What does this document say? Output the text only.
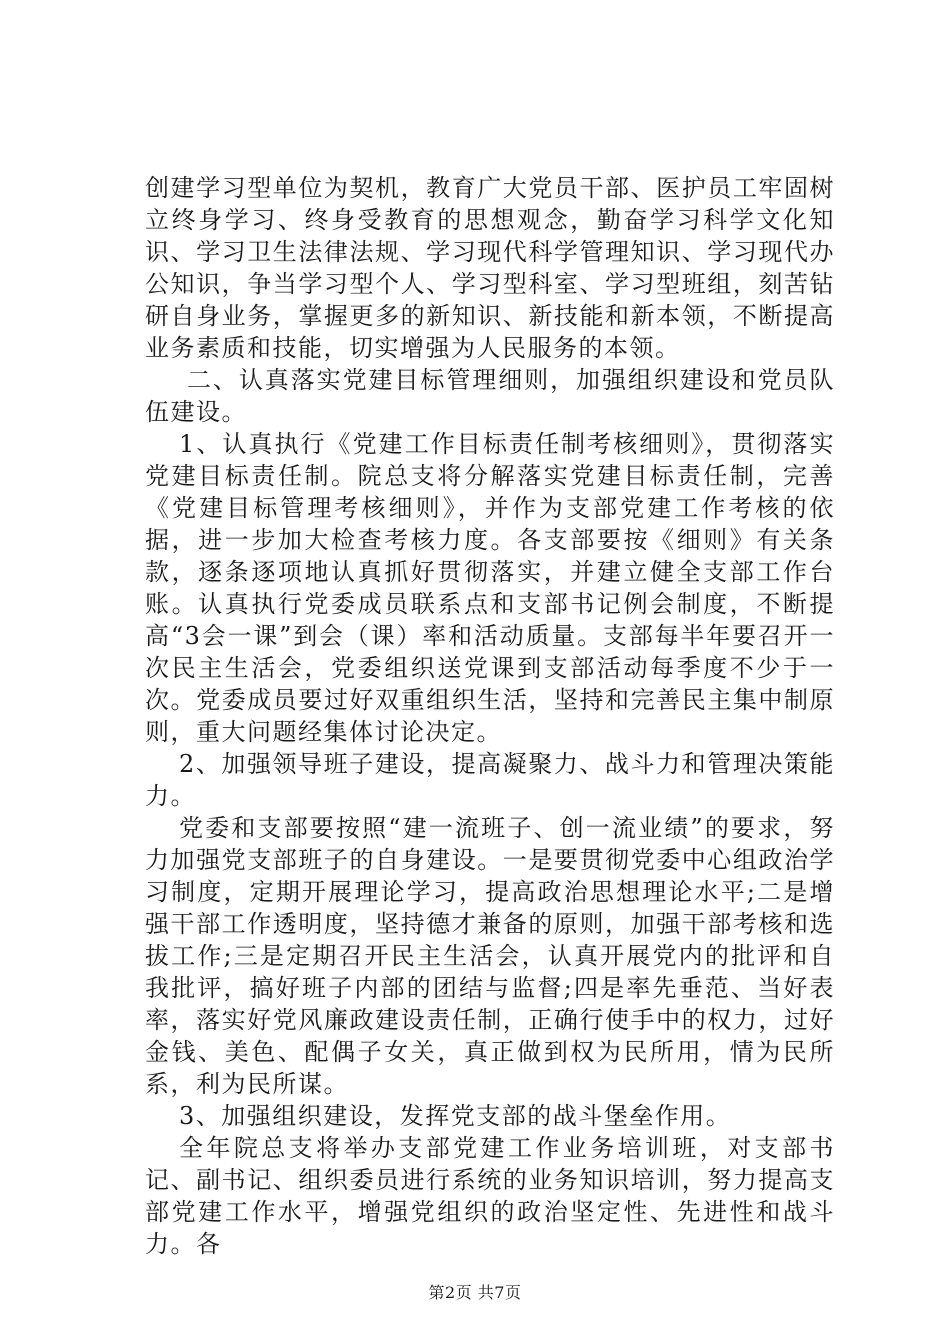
创建学习型单位为契机，教育广大党员干部、医护员工牢固树立终身学习、终身受教育的思想观念，勤奋学习科学文化知识、学习卫生法律法规、学习现代科学管理知识、学习现代办公知识，争当学习型个人、学习型科室、学习型班组，刻苦钻研自身业务，掌握更多的新知识、新技能和新本领，不断提高业务素质和技能，切实增强为人民服务的本领。

二、认真落实党建目标管理细则，加强组织建设和党员队伍建设。

1、认真执行《党建工作目标责任制考核细则》，贯彻落实党建目标责任制。院总支将分解落实党建目标责任制，完善《党建目标管理考核细则》，并作为支部党建工作考核的依据，进一步加大检查考核力度。各支部要按《细则》有关条款，逐条逐项地认真抓好贯彻落实，并建立健全支部工作台账。认真执行党委成员联系点和支部书记例会制度，不断提高“3会一课”到会（课）率和活动质量。支部每半年要召开一次民主生活会，党委组织送党课到支部活动每季度不少于一次。党委成员要过好双重组织生活，坚持和完善民主集中制原则，重大问题经集体讨论决定。

2、加强领导班子建设，提高凝聚力、战斗力和管理决策能力。

党委和支部要按照“建一流班子、创一流业绩”的要求，努力加强党支部班子的自身建设。一是要贯彻党委中心组政治学习制度，定期开展理论学习，提高政治思想理论水平;二是增强干部工作透明度，坚持德才兼备的原则，加强干部考核和选拔工作;三是定期召开民主生活会，认真开展党内的批评和自我批评，搞好班子内部的团结与监督;四是率先垂范、当好表率，落实好党风廉政建设责任制，正确行使手中的权力，过好金钱、美色、配偶子女关，真正做到权为民所用，情为民所系，利为民所谋。

3、加强组织建设，发挥党支部的战斗堡垒作用。

全年院总支将举办支部党建工作业务培训班，对支部书记、副书记、组织委员进行系统的业务知识培训，努力提高支部党建工作水平，增强党组织的政治坚定性、先进性和战斗力。各

第2页 共7页
